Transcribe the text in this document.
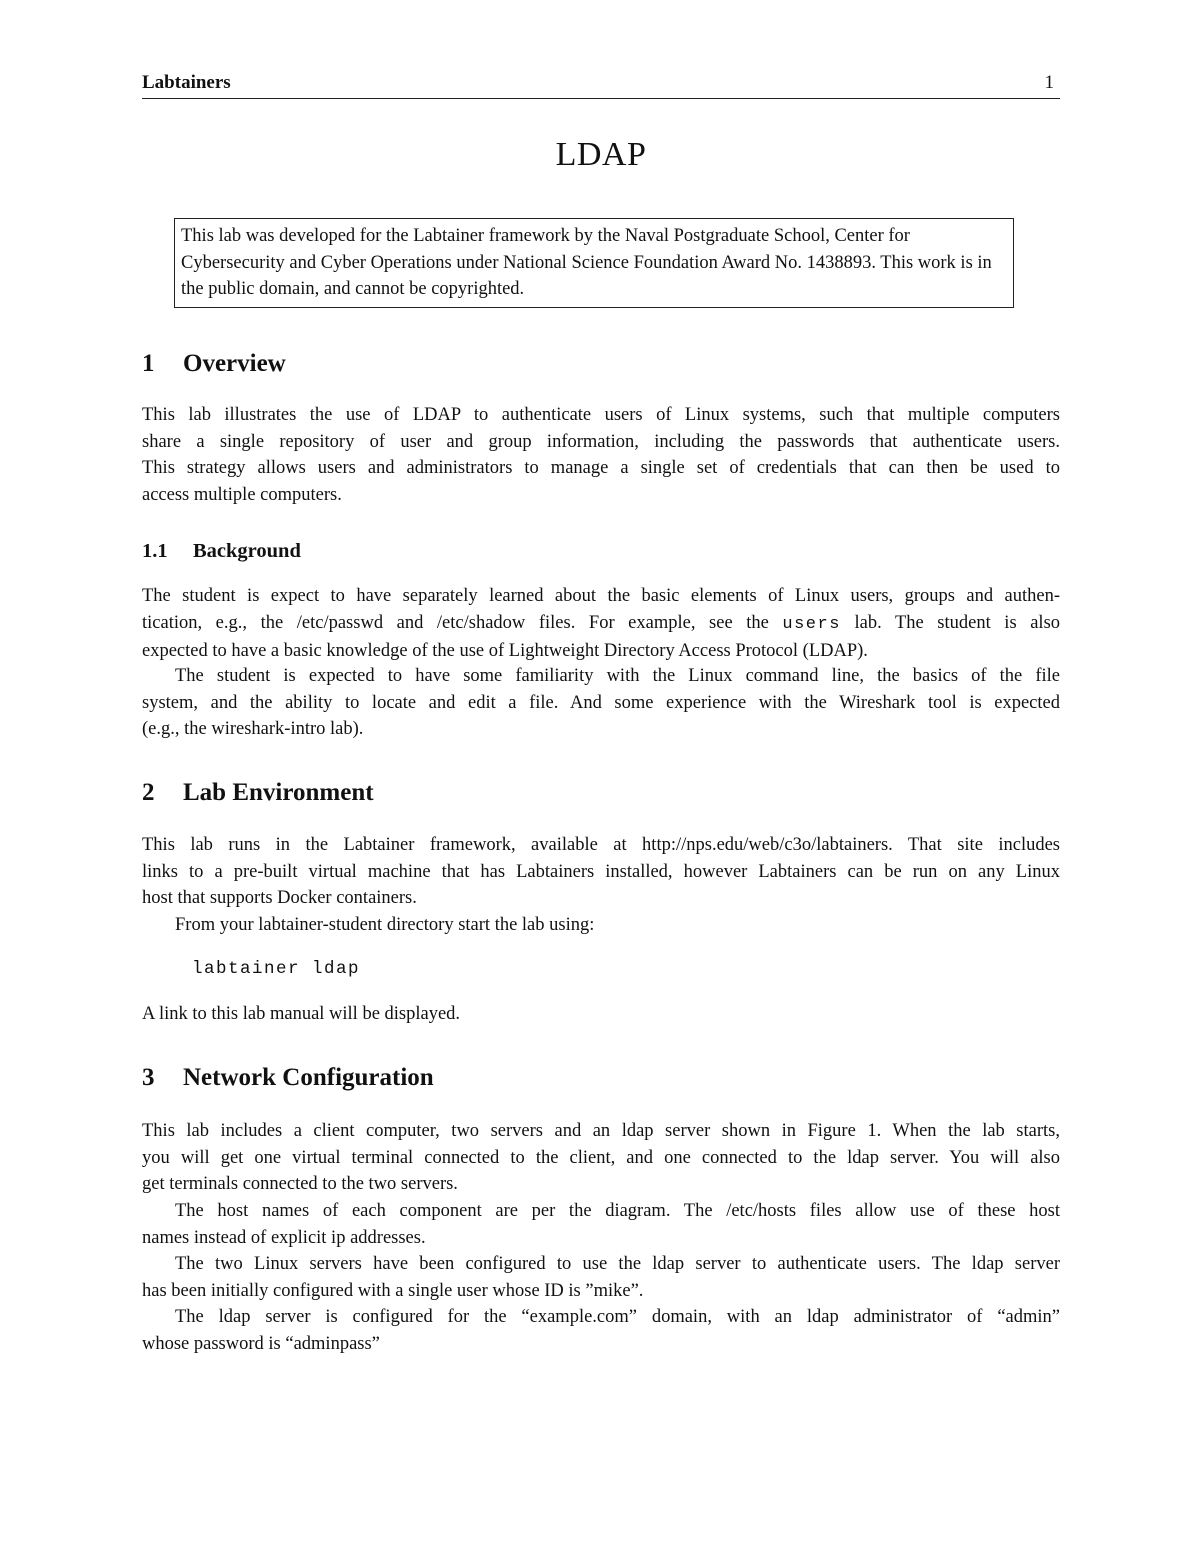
Labtainers	1
LDAP
This lab was developed for the Labtainer framework by the Naval Postgraduate School, Center for Cybersecurity and Cyber Operations under National Science Foundation Award No. 1438893. This work is in the public domain, and cannot be copyrighted.
1 Overview
This lab illustrates the use of LDAP to authenticate users of Linux systems, such that multiple computers
share a single repository of user and group information, including the passwords that authenticate users.
This strategy allows users and administrators to manage a single set of credentials that can then be used to
access multiple computers.
1.1 Background
The student is expect to have separately learned about the basic elements of Linux users, groups and authen-
tication, e.g., the /etc/passwd and /etc/shadow files. For example, see the users lab. The student is also
expected to have a basic knowledge of the use of Lightweight Directory Access Protocol (LDAP).
The student is expected to have some familiarity with the Linux command line, the basics of the file
system, and the ability to locate and edit a file. And some experience with the Wireshark tool is expected
(e.g., the wireshark-intro lab).
2 Lab Environment
This lab runs in the Labtainer framework, available at http://nps.edu/web/c3o/labtainers. That site includes
links to a pre-built virtual machine that has Labtainers installed, however Labtainers can be run on any Linux
host that supports Docker containers.
From your labtainer-student directory start the lab using:
labtainer ldap
A link to this lab manual will be displayed.
3 Network Configuration
This lab includes a client computer, two servers and an ldap server shown in Figure 1. When the lab starts,
you will get one virtual terminal connected to the client, and one connected to the ldap server. You will also
get terminals connected to the two servers.
The host names of each component are per the diagram. The /etc/hosts files allow use of these host
names instead of explicit ip addresses.
The two Linux servers have been configured to use the ldap server to authenticate users. The ldap server
has been initially configured with a single user whose ID is ”mike”.
The ldap server is configured for the “example.com” domain, with an ldap administrator of “admin”
whose password is “adminpass”
